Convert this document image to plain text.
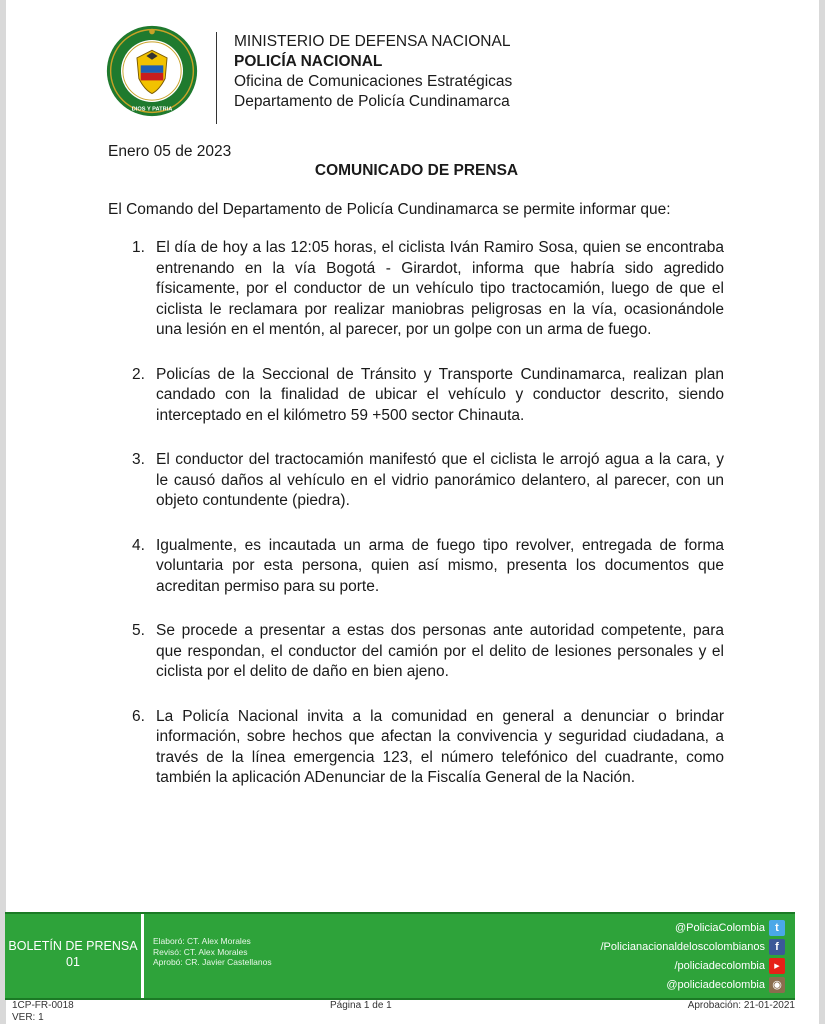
DIOS Y PATRIA
MINISTERIO DE DEFENSA NACIONAL
POLICÍA NACIONAL
Oficina de Comunicaciones Estratégicas
Departamento de Policía Cundinamarca
Enero 05 de 2023
COMUNICADO DE PRENSA
El Comando del Departamento de Policía Cundinamarca se permite informar que:
1. El día de hoy a las 12:05 horas, el ciclista Iván Ramiro Sosa, quien se encontraba entrenando en la vía Bogotá - Girardot, informa que habría sido agredido físicamente, por el conductor de un vehículo tipo tractocamión, luego de que el ciclista le reclamara por realizar maniobras peligrosas en la vía, ocasionándole una lesión en el mentón, al parecer, por un golpe con un arma de fuego.
2. Policías de la Seccional de Tránsito y Transporte Cundinamarca, realizan plan candado con la finalidad de ubicar el vehículo y conductor descrito, siendo interceptado en el kilómetro 59 +500 sector Chinauta.
3. El conductor del tractocamión manifestó que el ciclista le arrojó agua a la cara, y le causó daños al vehículo en el vidrio panorámico delantero, al parecer, con un objeto contundente (piedra).
4. Igualmente, es incautada un arma de fuego tipo revolver, entregada de forma voluntaria por esta persona, quien así mismo, presenta los documentos que acreditan permiso para su porte.
5. Se procede a presentar a estas dos personas ante autoridad competente, para que respondan, el conductor del camión por el delito de lesiones personales y el ciclista por el delito de daño en bien ajeno.
6. La Policía Nacional invita a la comunidad en general a denunciar o brindar información, sobre hechos que afectan la convivencia y seguridad ciudadana, a través de la línea emergencia 123, el número telefónico del cuadrante, como también la aplicación ADenunciar de la Fiscalía General de la Nación.
BOLETÍN DE PRENSA
01
Elaboró: CT. Alex Morales
Revisó: CT. Alex Morales
Aprobó: CR. Javier Castellanos
@PoliciaColombia t
/Policianacionaldeloscolombianos f
/policiadecolombia	▶
@policiadecolombia ◉
1CP-FR-0018
VER: 1
Página 1 de 1	Aprobación: 21-01-2021
